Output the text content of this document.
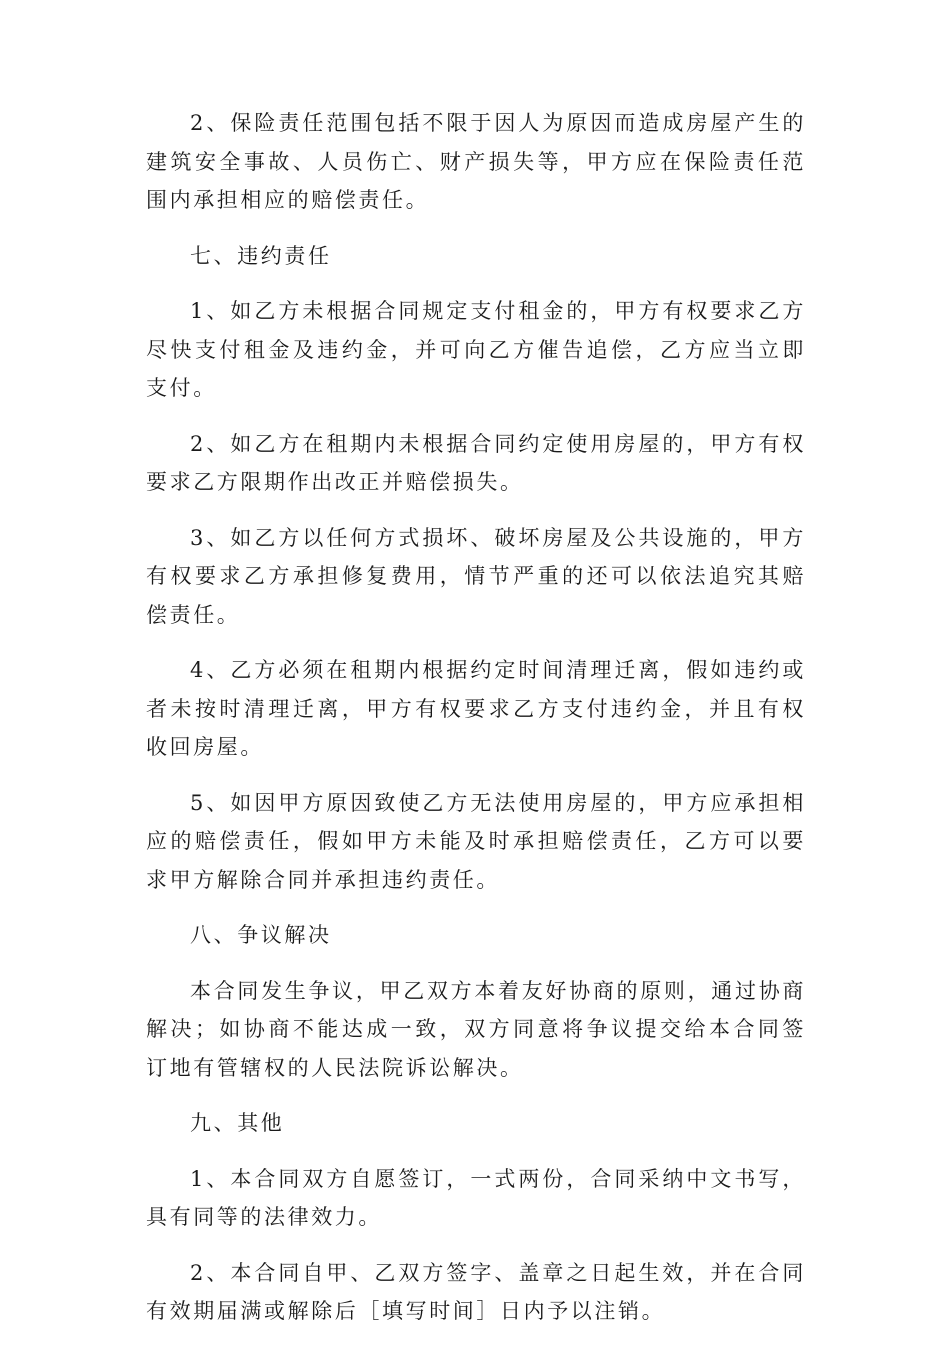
2、保险责任范围包括不限于因人为原因而造成房屋产生的建筑安全事故、人员伤亡、财产损失等，甲方应在保险责任范围内承担相应的赔偿责任。

七、违约责任

1、如乙方未根据合同规定支付租金的，甲方有权要求乙方尽快支付租金及违约金，并可向乙方催告追偿，乙方应当立即支付。

2、如乙方在租期内未根据合同约定使用房屋的，甲方有权要求乙方限期作出改正并赔偿损失。

3、如乙方以任何方式损坏、破坏房屋及公共设施的，甲方有权要求乙方承担修复费用，情节严重的还可以依法追究其赔偿责任。

4、乙方必须在租期内根据约定时间清理迁离，假如违约或者未按时清理迁离，甲方有权要求乙方支付违约金，并且有权收回房屋。

5、如因甲方原因致使乙方无法使用房屋的，甲方应承担相应的赔偿责任，假如甲方未能及时承担赔偿责任，乙方可以要求甲方解除合同并承担违约责任。

八、争议解决

本合同发生争议，甲乙双方本着友好协商的原则，通过协商解决；如协商不能达成一致，双方同意将争议提交给本合同签订地有管辖权的人民法院诉讼解决。

九、其他

1、本合同双方自愿签订，一式两份，合同采纳中文书写，具有同等的法律效力。

2、本合同自甲、乙双方签字、盖章之日起生效，并在合同有效期届满或解除后［填写时间］日内予以注销。
